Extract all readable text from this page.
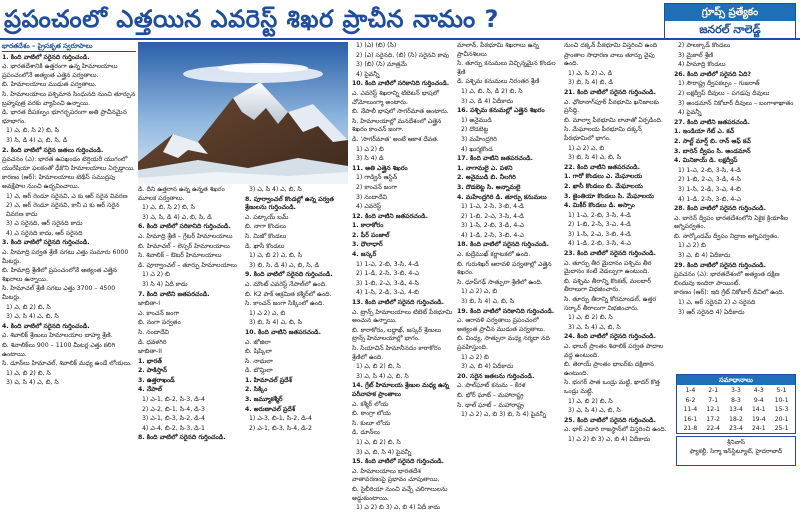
ప్రపంచంలో ఎత్తయిన ఎవరెస్ట్ శిఖర ప్రాచీన నామం ?	గ్రూప్స్ ప్రత్యేకం
జనరల్ నాలెడ్జ్
భారతదేశం – ప్రైసకృత స్వరూపాలు

1. కింది వాటిలో సరైనది గుర్తించండి.

ఎ. భారతదేశానికి ఉత్తరంగా ఉన్న హిమాలయాలు ప్రపంచంలోనే అత్యంత ఎత్తైన పర్వతాలు.

బి. హిమాలయాలు ముడుత పర్వతాలు.

సి. హిమాలయాలు పశ్చిమాన సింధునది నుంచి తూర్పున బ్రహ్మపుత్ర వరకు వ్యాపించి ఉన్నాయి.

డి. భారత దీపకల్పం భూగర్భపరంగా అతి ప్రాచీనమైన భూభాగం.

1) ఎ, బి, సి 2) బి, సి

3) సి, డి 4) ఎ, బి, సి, డి

2. కింది వాటిలో సరైన జతలు గుర్తించండి.

ప్రవచనం (ఎ): భారత ఉపఖండం టెర్షియరీ యుగంలో యురేషియా ఫలకంతో ఢీకొని హిమాలయాలు ఏర్పడ్డాయి.

కారణం (ఆర్): హిమాలయాలు టెథీస్ సముద్రపు అవక్షేపాల నుంచి ఉద్భవించాయి.

1) ఎ, ఆర్ రెండూ సరైనవి, ఎ కు ఆర్ సరైన వివరణ

2) ఎ, ఆర్ రెండూ సరైనవి, కానీ ఎ కు ఆర్ సరైన వివరణ కాదు

3) ఎ సరైనది, ఆర్ సరైనది కాదు

4) ఎ సరైనది కాదు, ఆర్ సరైనది

3. కింది వాటిలో సరైనది గుర్తించండి.

ఎ. హిమాద్రి పర్వత శ్రేణి సగటు ఎత్తు సుమారు 6000 మీటర్లు.

బి. హిమాద్రి శ్రేణిలో ప్రపంచంలోనే అత్యంత ఎత్తైన శిఖరాలు ఉన్నాయి.

సి. హిమాచల్ శ్రేణి సగటు ఎత్తు 3700 – 4500 మీటర్లు.

1) ఎ, బి 2) బి, సి

3) ఎ, సి 4) ఎ, బి, సి

4. కింది వాటిలో సరైనది గుర్తించండి.

ఎ. శివాలిక్ శ్రేణులు హిమాలయాల బాహ్య శ్రేణి.

బి. శివాలిక్‌లు 900 – 1100 మీటర్ల ఎత్తు కలిగి ఉంటాయి.

సి. డూన్‌లు హిమాచల్, శివాలిక్ మధ్య ఉండే లోయలు.

1) ఎ, బి 2) బి, సి

3) ఎ, సి 4) ఎ, బి, సి

డి. దీని ఉత్తరాన ఉన్న ఉన్నత శిఖరం మూలక పర్వతాలు.

1) ఎ, బి, సి 2) బి, సి

3) ఎ, సి, డి 4) ఎ, బి, సి, డి

6. కింది వాటిలో సరికానిది గుర్తించండి.

ఎ. హిమాద్రి శ్రేణి – గ్రేటర్ హిమాలయాలు

బి. హిమాచల్ – లెస్సర్ హిమాలయాలు

సి. శివాలిక్ – ఔటర్ హిమాలయాలు

డి. పూర్వాంచల్ – తూర్పు హిమాలయాలు

1) ఎ 2) బి

3) సి 4) ఏదీ కాదు

7. కింది వాటిని జతపరచండి.

జాబితా-I

ఎ. కాంచన్ జంగా

బి. నంగా పర్వతం

సి. నందాదేవి

డి. ధవళగిరి

జాబితా-II

1. భారత్

2. పాకిస్తాన్

3. ఉత్తరాఖండ్

4. నేపాల్

1) ఎ-1, బి-2, సి-3, డి-4

2) ఎ-2, బి-1, సి-4, డి-3

3) ఎ-1, బి-3, సి-2, డి-4

4) ఎ-4, బి-2, సి-3, డి-1

8. కింది వాటిలో సరైనది గుర్తించండి.

3) ఎ, సి 4) ఎ, బి, సి

8. పూర్వాంచల్ కొండల్లో ఉన్న పర్వత శ్రేణులను గుర్తించండి.

ఎ. పట్కాయ్ బమ్

బి. నాగా కొండలు

సి. మిజో కొండలు

డి. ఖాసీ కొండలు

1) ఎ, బి 2) ఎ, బి, సి

3) బి, సి, డి 4) ఎ, బి, సి, డి

9. కింది వాటిలో సరైనది గుర్తించండి.

ఎ. మౌంట్ ఎవరెస్ట్ నేపాల్‌లో ఉంది.

బి. K2 పాక్ ఆక్రమిత కశ్మీర్‌లో ఉంది.

సి. కాంచన్ జంగా సిక్కింలో ఉంది.

1) ఎ 2) ఎ, బి

3) బి, సి 4) ఎ, బి, సి

10. కింది వాటిని జతపరచండి.

ఎ. జోజిలా

బి. షిప్కిలా

సి. నాథులా

డి. బొమ్డిలా

1. హిమాచల్ ప్రదేశ్

2. సిక్కిం

3. జమ్మూకశ్మీర్

4. అరుణాచల్ ప్రదేశ్

1) ఎ-3, బి-1, సి-2, డి-4

2) ఎ-1, బి-3, సి-4, డి-2

1) (ఎ) (బి) (సి)

2) (ఎ) సరైనది, (బి) (సి) సరైనవి కావు

3) (బి) (సి) మాత్రమే

4) పైవన్నీ

10. కింది వాటిలో సరికానిది గుర్తించండి.

ఎ. ఎవరెస్ట్ శిఖరాన్ని టిబెటన్ భాషలో చోమోలుంగ్మా అంటారు.

బి. నేపాలీ భాషలో సాగర్‌మాత అంటారు.

సి. హిమాలయాల్లో మనదేశంలో ఎత్తైన శిఖరం కాంచన్ జంగా.

డి. 'సాగర్‌మాత' అంటే ఆకాశ దేవత.

1) ఎ 2) బి

3) సి 4) డి

11. అతి ఎత్తైన శిఖరం

1) గాడ్విన్ ఆస్టిన్

2) కాంచన్ జంగా

3) నందాదేవి

4) ఎవరెస్ట్

12. కింది వాటిని జతపరచండి.

1. కారాకోరం

2. పీర్ పంజాల్

3. ధౌలాధార్

4. జస్కర్

1) 1-ఎ, 2-బి, 3-సి, 4-డి

2) 1-డి, 2-సి, 3-బి, 4-ఎ

3) 1-బి, 2-ఎ, 3-డి, 4-సి

4) 1-సి, 2-డి, 3-ఎ, 4-బి

13. కింది వాటిలో సరైనది గుర్తించండి.

ఎ. ట్రాన్స్ హిమాలయాలు టిబెట్ పీఠభూమి అంచున ఉన్నాయి.

బి. కారాకోరం, లద్దాఖ్, జస్కర్ శ్రేణులు ట్రాన్స్ హిమాలయాల్లో భాగం.

సి. సియాచిన్ హిమానీనదం కారాకోరం శ్రేణిలో ఉంది.

1) ఎ, బి 2) బి, సి

3) ఎ, సి 4) ఎ, బి, సి

14. గ్రేట్ హిమాలయ శ్రేణుల మధ్య ఉన్న పరీవాహక ప్రాంతాలు

ఎ. కశ్మీర్ లోయ

బి. కాంగ్రా లోయ

సి. కులూ లోయ

డి. డూన్‌లు

1) ఎ, బి 2) బి, సి

3) ఎ, బి, సి 4) పైవన్నీ

15. కింది వాటిలో సరైనది గుర్తించండి.

ఎ. హిమాలయాలు భారతదేశ వాతావరణంపై ప్రభావం చూపుతాయి.

బి. సైబీరియా నుంచి వచ్చే చలిగాలులను అడ్డుకుంటాయి.

1) ఎ 2) బి 3) ఎ, బి 4) ఏదీ కాదు

మాలాన్, పీఠభూమి శిఖరాలు ఉన్న ప్రాచీనశిలలు

సి. తూర్పు కనుమలు విచ్ఛిన్నమైన కొండల శ్రేణి

డి. పశ్చిమ కనుమలు నిరంతర శ్రేణి

1) ఎ, బి, సి, డి 2) బి, సి

3) ఎ, డి 4) ఏదీకాదు

16. పశ్చిమ కనుమల్లో ఎత్తైన శిఖరం

1) అనైముడి

2) దొడబెట్ట

3) మహేంద్రగిరి

4) ఖుర్మకొండ

17. కింది వాటిని జతపరచండి.

1. నాగామలై ఎ. పళని

2. అనైముడి బి. నీలగిరి

3. దొడబెట్ట సి. అన్నామలై

4. మహేంద్రగిరి డి. తూర్పు కనుమలు

1) 1-ఎ, 2-సి, 3-బి, 4-డి

2) 1-బి, 2-ఎ, 3-సి, 4-డి

3) 1-సి, 2-బి, 3-డి, 4-ఎ

4) 1-డి, 2-సి, 3-బి, 4-ఎ

18. కింది వాటిలో సరైనది గుర్తించండి.

ఎ. కుద్రేముఖ్ కర్ణాటకలో ఉంది.

బి. గురుశిఖర్ ఆరావళి పర్వతాల్లో ఎత్తైన శిఖరం.

సి. ధూప్‌గఢ్ సాత్పురా శ్రేణిలో ఉంది.

1) ఎ 2) ఎ, బి

3) బి, సి 4) ఎ, బి, సి

19. కింది వాటిలో సరికానిది గుర్తించండి.

ఎ. ఆరావళి పర్వతాలు ప్రపంచంలో అత్యంత ప్రాచీన ముడుత పర్వతాలు.

బి. వింధ్య, సాత్పురా మధ్య నర్మదా నది ప్రవహిస్తుంది.

1) ఎ 2) బి

3) ఎ, బి 4) ఏదీకాదు

20. సరైన జతలను గుర్తించండి.

ఎ. పాల్‌ఘాట్ కనుమ – కేరళ

బి. భోర్ ఘాట్ – మహారాష్ట్ర

సి. థాల్ ఘాట్ – మహారాష్ట్ర

1) ఎ 2) ఎ, బి 3) బి, సి 4) పైవన్నీ

నుంచి దక్కన్ పీఠభూమి విస్తరించి ఉంది

ప్రాంతాల సాధారణ వాలు తూర్పు వైపు ఉంది.

1) ఎ, సి 2) ఎ, డి

3) బి, సి 4) బి, డి

21. కింది వాటిలో సరైనది గుర్తించండి.

ఎ. ఛోటానాగ్‌పూర్ పీఠభూమి ఖనిజాలకు ప్రసిద్ధి.

బి. మాల్వా పీఠభూమి లావాతో ఏర్పడింది.

సి. మేఘాలయ పీఠభూమి దక్కన్ పీఠభూమిలో భాగం.

1) ఎ 2) ఎ, బి

3) బి, సి 4) ఎ, బి, సి

22. కింది వాటిని జతపరచండి.

1. గారో కొండలు ఎ. మేఘాలయ

2. ఖాసీ కొండలు బి. మేఘాలయ

3. జైంతియా కొండలు సి. మేఘాలయ

4. మికీర్ కొండలు డి. అస్సాం

1) 1-ఎ, 2-బి, 3-సి, 4-డి

2) 1-బి, 2-సి, 3-ఎ, 4-డి

3) 1-సి, 2-ఎ, 3-బి, 4-డి

4) 1-డి, 2-బి, 3-సి, 4-ఎ

23. కింది వాటిలో సరైనది గుర్తించండి.

ఎ. తూర్పు తీర మైదానం పశ్చిమ తీర మైదానం కంటే వెడల్పుగా ఉంటుంది.

బి. పశ్చిమ తీరాన్ని కొంకణ్, మలబార్ తీరాలుగా విభజించారు.

సి. తూర్పు తీరాన్ని కోరమాండల్, ఉత్తర సర్కార్ తీరాలుగా విభజించారు.

1) ఎ, బి 2) బి, సి

3) ఎ, సి 4) ఎ, బి, సి

24. కింది వాటిలో సరైనది గుర్తించండి.

ఎ. భాబర్ ప్రాంతం శివాలిక్ పర్వత పాదాల వద్ద ఉంటుంది.

బి. తెరాయ్ ప్రాంతం భాబర్‌కు దక్షిణాన ఉంటుంది.

సి. భంగర్ పాత ఒండ్రు మట్టి, ఖాదర్ కొత్త ఒండ్రు మట్టి.

1) ఎ, బి 2) బి, సి

3) ఎ, సి 4) ఎ, బి, సి

25. కింది వాటిలో సరైనది గుర్తించండి.

ఎ. థార్ ఎడారి రాజస్థాన్‌లో విస్తరించి ఉంది.

1) ఎ 2) బి 3) ఎ, బి 4) ఏదీకాదు

2) పాలక్కాడ్ కొండలు

3) మైకాల్ శ్రేణి

4) హిమాద్రి కొండలు

26. కింది వాటిలో సరైనది ఏది?

1) సౌరాష్ట్ర ద్వీపకల్పం – గుజరాత్

2) లక్షద్వీప్ దీవులు – పగడపు దీవులు

3) అండమాన్ నికోబార్ దీవులు – బంగాళాఖాతం

4) పైవన్నీ

27. కింది వాటిని జతపరచండి.

1. ఇండియా గేట్ ఎ. కచ్

2. సాల్ట్ మార్ష్ బి. రాన్ ఆఫ్ కచ్

3. బారెన్ ద్వీపం సి. అండమాన్

4. మినికాయ్ డి. లక్షద్వీప్

1) 1-ఎ, 2-బి, 3-సి, 4-డి

2) 1-బి, 2-ఎ, 3-డి, 4-సి

3) 1-సి, 2-డి, 3-ఎ, 4-బి

4) 1-డి, 2-సి, 3-బి, 4-ఎ

28. కింది వాటిలో సరైనది గుర్తించండి.

ఎ. బారెన్ ద్వీపం భారతదేశంలోని ఏకైక క్రియాశీల అగ్నిపర్వతం.

బి. నార్కోండమ్ ద్వీపం నిద్రాణ అగ్నిపర్వతం.

1) ఎ 2) బి

3) ఎ, బి 4) ఏదీకాదు

29. కింది వాటిలో సరైనది గుర్తించండి.

ప్రవచనం (ఎ): భారతదేశంలో అత్యంత దక్షిణ బిందువు ఇందిరా పాయింట్.

కారణం (ఆర్): ఇది గ్రేట్ నికోబార్ దీవిలో ఉంది.

1) ఎ, ఆర్ సరైనవి 2) ఎ సరైనది

3) ఆర్ సరైనది 4) ఏదీకాదు

సమాధానాలు
1-4	2-1	3-3	4-3	5-1
6-2	7-1	8-3	9-4	10-1
11-4	12-1	13-4	14-1	15-3
16-1	17-2	18-2	19-4	20-1
21-8	22-4	23-4	24-1	25-1
శ్రీనివాస్
ఫ్యాకల్టీ, సిగ్మా ఇన్‌స్టిట్యూట్, హైదరాబాద్
